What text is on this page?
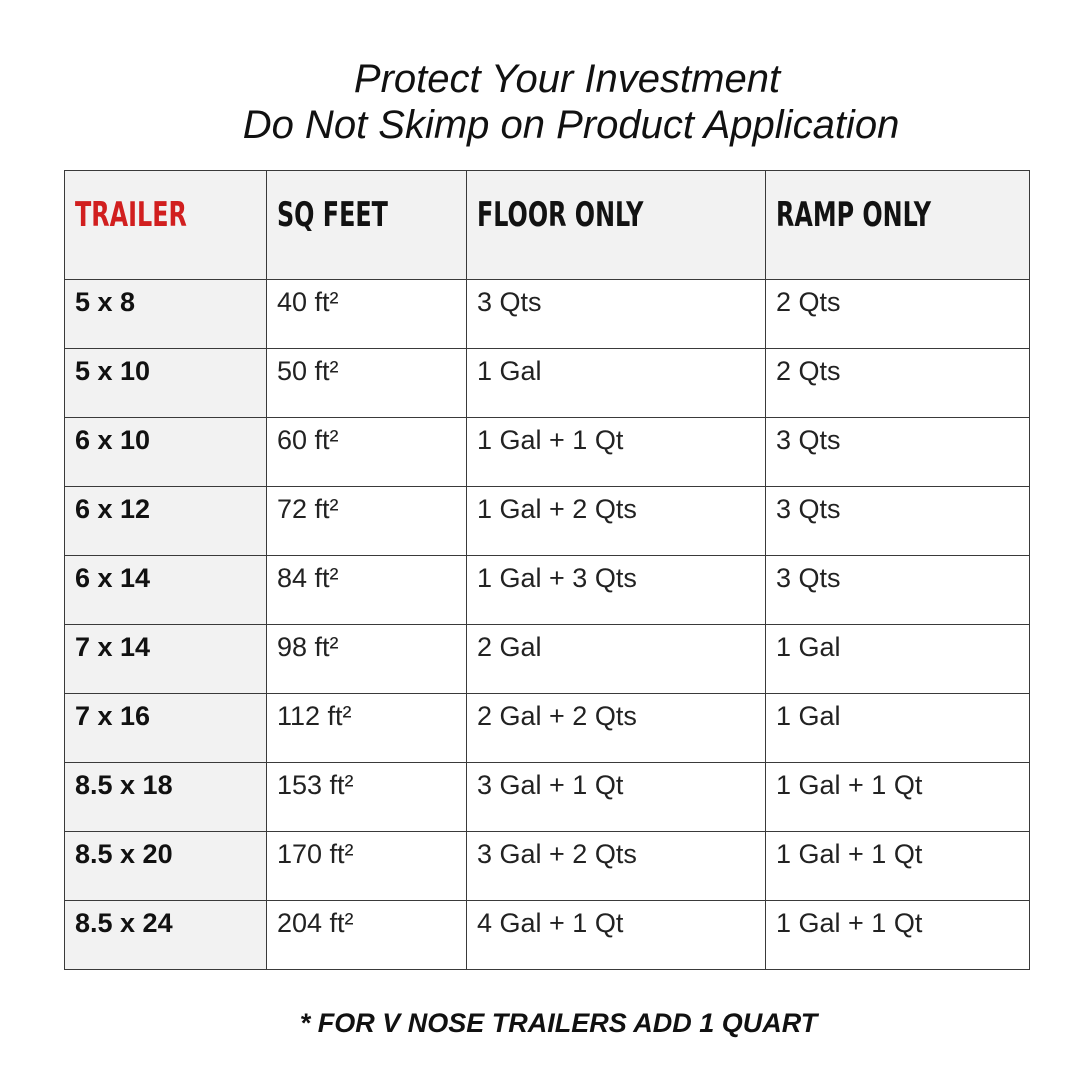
Protect Your Investment
Do Not Skimp on Product Application
TRAILER	SQ FEET	FLOOR ONLY	RAMP ONLY
5 x 8	40 ft²	3 Qts	2 Qts
5 x 10	50 ft²	1 Gal	2 Qts
6 x 10	60 ft²	1 Gal + 1 Qt	3 Qts
6 x 12	72 ft²	1 Gal + 2 Qts	3 Qts
6 x 14	84 ft²	1 Gal + 3 Qts	3 Qts
7 x 14	98 ft²	2 Gal	1 Gal
7 x 16	112 ft²	2 Gal + 2 Qts	1 Gal
8.5 x 18	153 ft²	3 Gal + 1 Qt	1 Gal + 1 Qt
8.5 x 20	170 ft²	3 Gal + 2 Qts	1 Gal + 1 Qt
8.5 x 24	204 ft²	4 Gal + 1 Qt	1 Gal + 1 Qt
* FOR V NOSE TRAILERS ADD 1 QUART
